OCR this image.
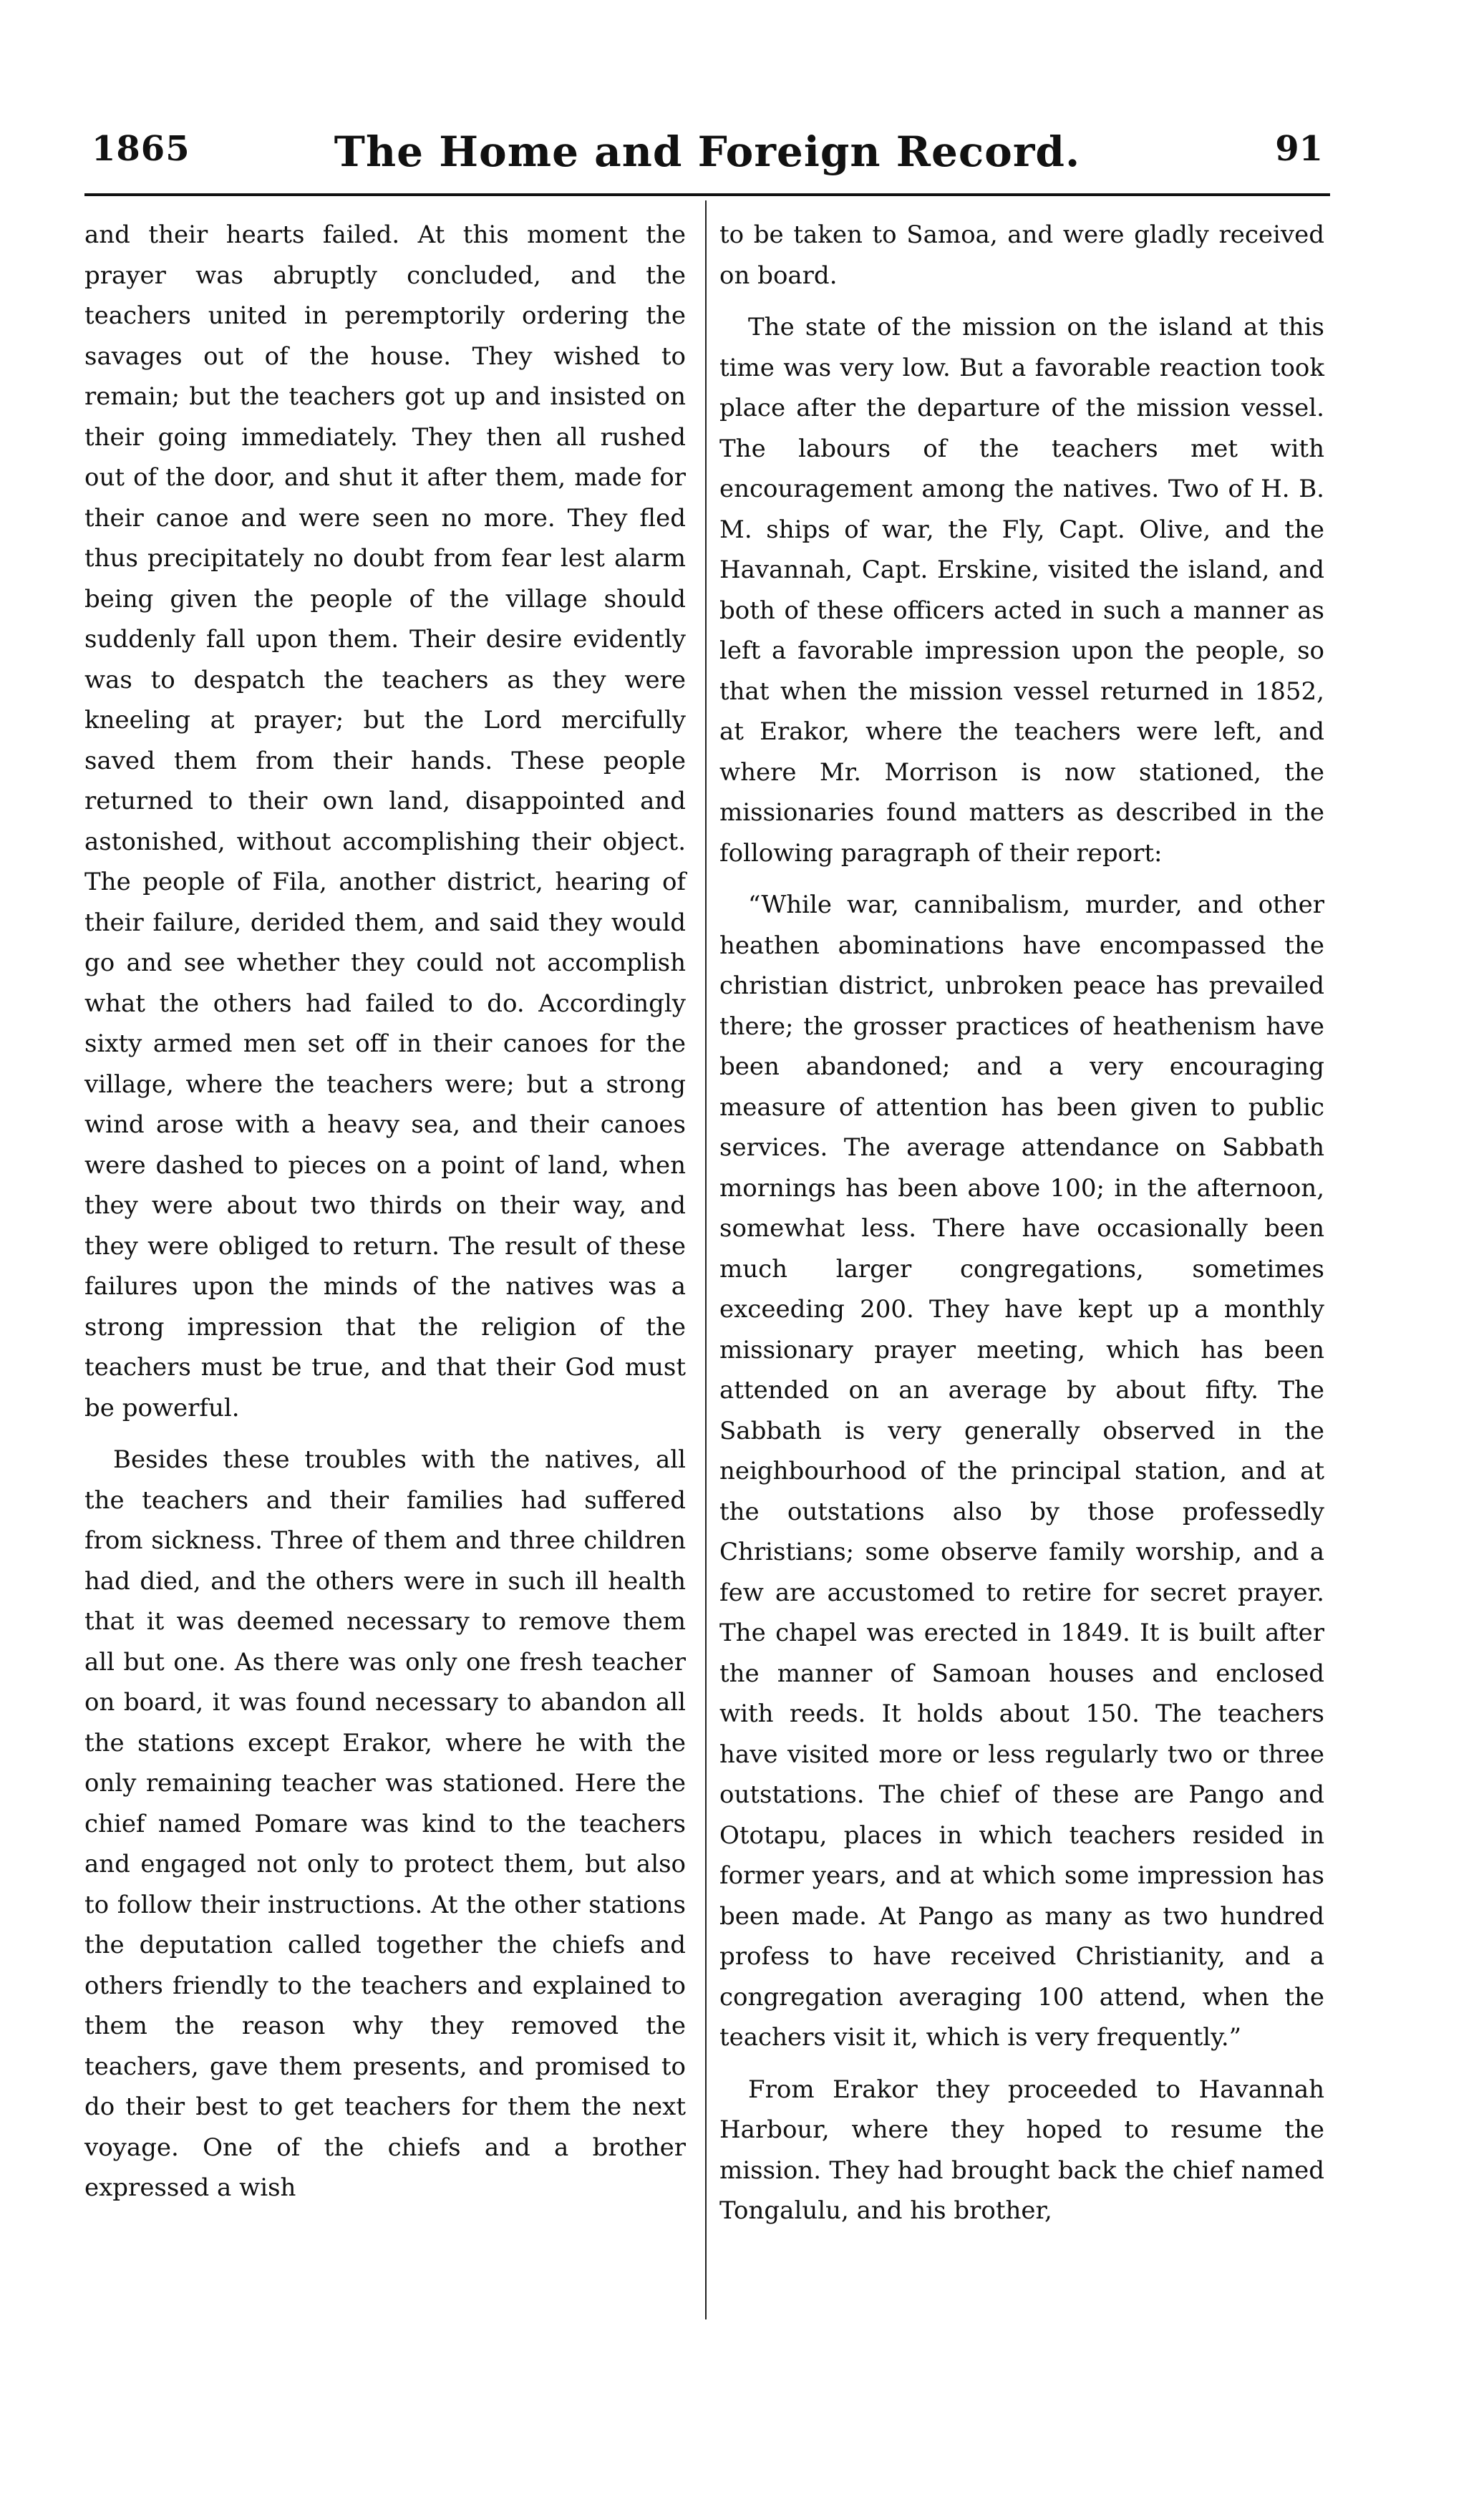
1865	The Home and Foreign Record.	91

and their hearts failed. At this moment the prayer was abruptly concluded, and the teachers united in peremptorily ordering the savages out of the house. They wished to remain; but the teachers got up and insisted on their going immediately. They then all rushed out of the door, and shut it after them, made for their canoe and were seen no more. They fled thus precipitately no doubt from fear lest alarm being given the people of the village should suddenly fall upon them. Their desire evidently was to despatch the teachers as they were kneeling at prayer; but the Lord mercifully saved them from their hands. These people returned to their own land, disappointed and astonished, without accomplishing their object. The people of Fila, another district, hearing of their failure, derided them, and said they would go and see whether they could not accomplish what the others had failed to do. Accordingly sixty armed men set off in their canoes for the village, where the teachers were; but a strong wind arose with a heavy sea, and their canoes were dashed to pieces on a point of land, when they were about two thirds on their way, and they were obliged to return. The result of these failures upon the minds of the natives was a strong impression that the religion of the teachers must be true, and that their God must be powerful.

Besides these troubles with the natives, all the teachers and their families had suffered from sickness. Three of them and three children had died, and the others were in such ill health that it was deemed necessary to remove them all but one. As there was only one fresh teacher on board, it was found necessary to abandon all the stations except Erakor, where he with the only remaining teacher was stationed. Here the chief named Pomare was kind to the teachers and engaged not only to protect them, but also to follow their instructions. At the other stations the deputation called together the chiefs and others friendly to the teachers and explained to them the reason why they removed the teachers, gave them presents, and promised to do their best to get teachers for them the next voyage. One of the chiefs and a brother expressed a wish

to be taken to Samoa, and were gladly received on board.

The state of the mission on the island at this time was very low. But a favorable reaction took place after the departure of the mission vessel. The labours of the teachers met with encouragement among the natives. Two of H. B. M. ships of war, the Fly, Capt. Olive, and the Havannah, Capt. Erskine, visited the island, and both of these officers acted in such a manner as left a favorable impression upon the people, so that when the mission vessel returned in 1852, at Erakor, where the teachers were left, and where Mr. Morrison is now stationed, the missionaries found matters as described in the following paragraph of their report:

“While war, cannibalism, murder, and other heathen abominations have encompassed the christian district, unbroken peace has prevailed there; the grosser practices of heathenism have been abandoned; and a very encouraging measure of attention has been given to public services. The average attendance on Sabbath mornings has been above 100; in the afternoon, somewhat less. There have occasionally been much larger congregations, sometimes exceeding 200. They have kept up a monthly missionary prayer meeting, which has been attended on an average by about fifty. The Sabbath is very generally observed in the neighbourhood of the principal station, and at the outstations also by those professedly Christians; some observe family worship, and a few are accustomed to retire for secret prayer. The chapel was erected in 1849. It is built after the manner of Samoan houses and enclosed with reeds. It holds about 150. The teachers have visited more or less regularly two or three outstations. The chief of these are Pango and Ototapu, places in which teachers resided in former years, and at which some impression has been made. At Pango as many as two hundred profess to have received Christianity, and a congregation averaging 100 attend, when the teachers visit it, which is very frequently.”

From Erakor they proceeded to Havannah Harbour, where they hoped to resume the mission. They had brought back the chief named Tongalulu, and his brother,
